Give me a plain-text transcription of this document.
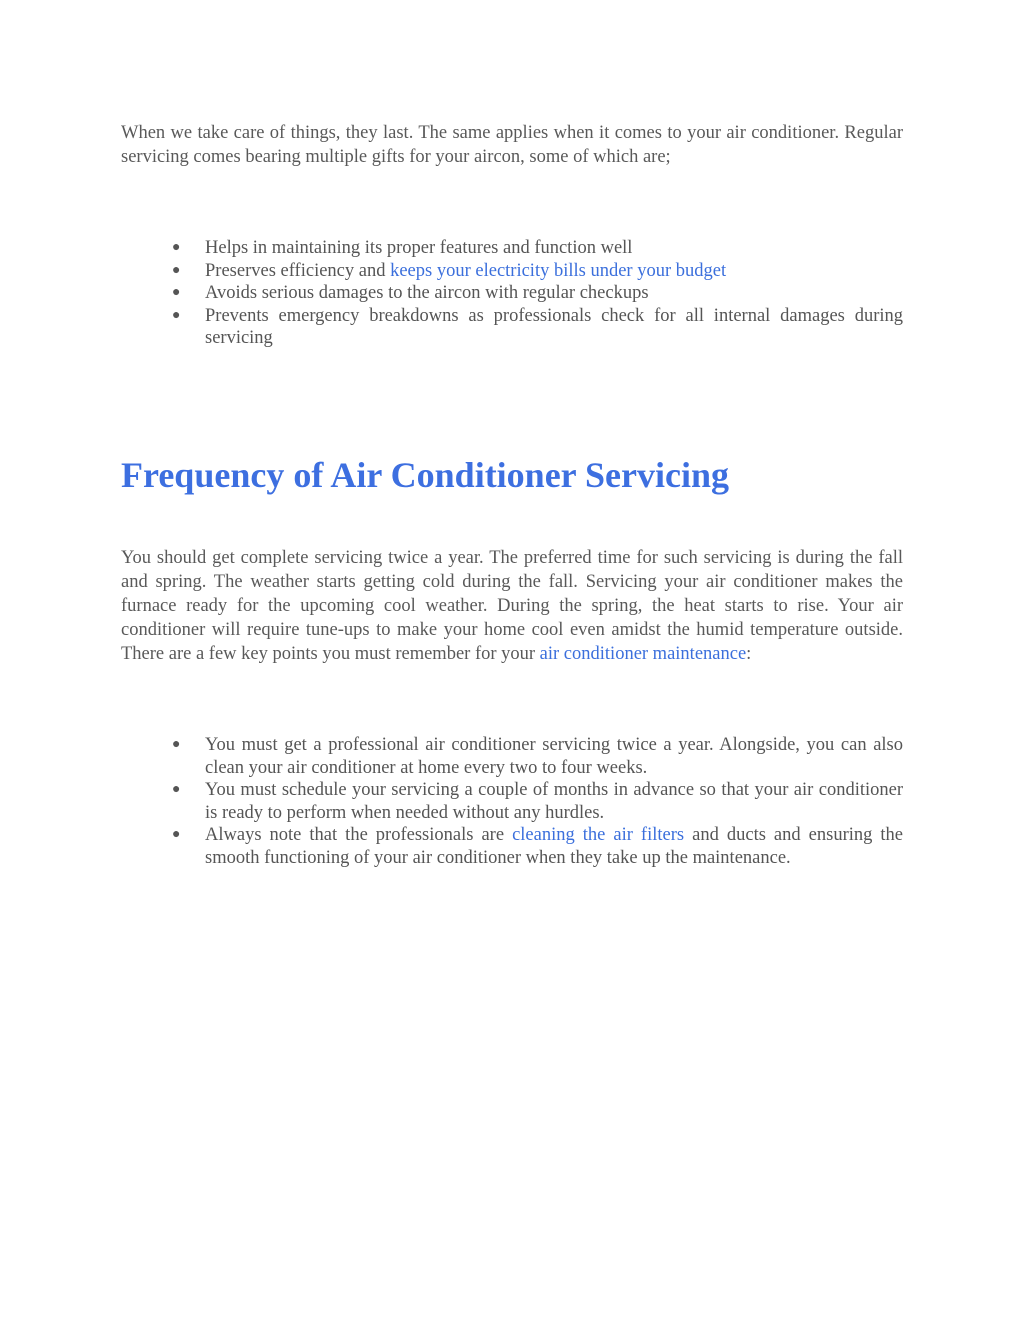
When we take care of things, they last. The same applies when it comes to your air conditioner. Regular servicing comes bearing multiple gifts for your aircon, some of which are;

● Helps in maintaining its proper features and function well
● Preserves efficiency and keeps your electricity bills under your budget
● Avoids serious damages to the aircon with regular checkups
● Prevents emergency breakdowns as professionals check for all internal damages during servicing
Frequency of Air Conditioner Servicing

You should get complete servicing twice a year. The preferred time for such servicing is during the fall and spring. The weather starts getting cold during the fall. Servicing your air conditioner makes the furnace ready for the upcoming cool weather. During the spring, the heat starts to rise. Your air conditioner will require tune-ups to make your home cool even amidst the humid temperature outside. There are a few key points you must remember for your air conditioner maintenance:

● You must get a professional air conditioner servicing twice a year. Alongside, you can also clean your air conditioner at home every two to four weeks.
● You must schedule your servicing a couple of months in advance so that your air conditioner is ready to perform when needed without any hurdles.
● Always note that the professionals are cleaning the air filters and ducts and ensuring the smooth functioning of your air conditioner when they take up the maintenance.
